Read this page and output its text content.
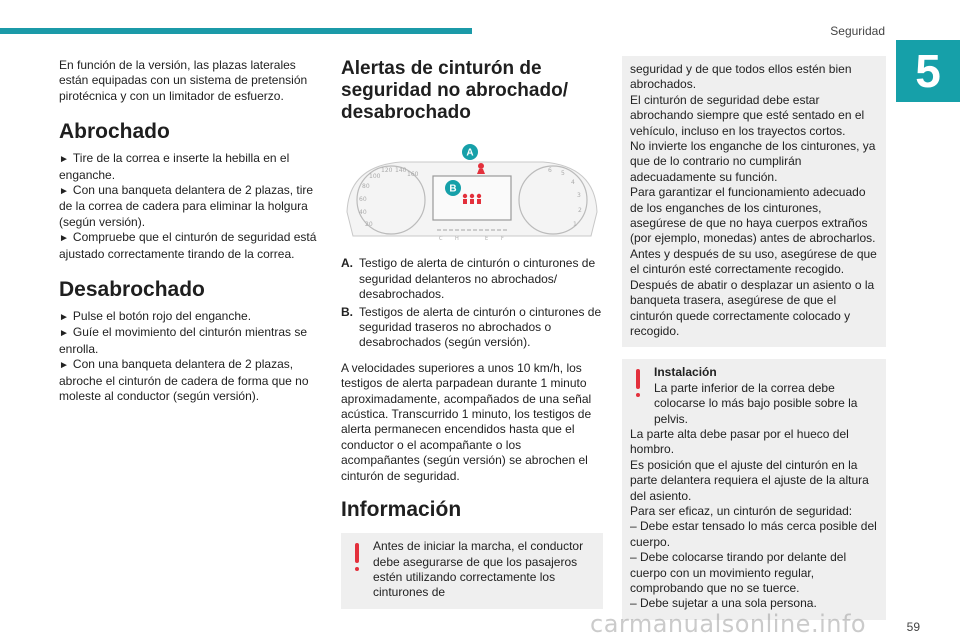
Seguridad
5

En función de la versión, las plazas laterales están equipadas con un sistema de pretensión pirotécnica y con un limitador de esfuerzo.

Abrochado
► Tire de la correa e inserte la hebilla en el enganche.
► Con una banqueta delantera de 2 plazas, tire de la correa de cadera para eliminar la holgura (según versión).
► Compruebe que el cinturón de seguridad está ajustado correctamente tirando de la correa.
Desabrochado
► Pulse el botón rojo del enganche.
► Guíe el movimiento del cinturón mientras se enrolla.
► Con una banqueta delantera de 2 plazas, abroche el cinturón de cadera de forma que no moleste al conductor (según versión).
Alertas de cinturón de seguridad no abrochado/ desabrochado
20
40
60
80
100
120 140
160
1
2
3
4
5
6
C	H	E	F
A
B
A. Testigo de alerta de cinturón o cinturones de seguridad delanteros no abrochados/ desabrochados.
B. Testigos de alerta de cinturón o cinturones de seguridad traseros no abrochados o desabrochados (según versión).

A velocidades superiores a unos 10 km/h, los testigos de alerta parpadean durante 1 minuto aproximadamente, acompañados de una señal acústica. Transcurrido 1 minuto, los testigos de alerta permanecen encendidos hasta que el conductor o el acompañante o los acompañantes (según versión) se abrochen el cinturón de seguridad.

Información
Antes de iniciar la marcha, el conductor debe asegurarse de que los pasajeros estén utilizando correctamente los cinturones de

seguridad y de que todos ellos estén bien abrochados.

El cinturón de seguridad debe estar abrochando siempre que esté sentado en el vehículo, incluso en los trayectos cortos.

No invierte los enganche de los cinturones, ya que de lo contrario no cumplirán adecuadamente su función.

Para garantizar el funcionamiento adecuado de los enganches de los cinturones, asegúrese de que no haya cuerpos extraños (por ejemplo, monedas) antes de abrocharlos.

Antes y después de su uso, asegúrese de que el cinturón esté correctamente recogido.

Después de abatir o desplazar un asiento o la banqueta trasera, asegúrese de que el cinturón quede correctamente colocado y recogido.

Instalación
La parte inferior de la correa debe colocarse lo más bajo posible sobre la pelvis.

La parte alta debe pasar por el hueco del hombro.

Es posición que el ajuste del cinturón en la parte delantera requiera el ajuste de la altura del asiento.

Para ser eficaz, un cinturón de seguridad:

– Debe estar tensado lo más cerca posible del cuerpo.

– Debe colocarse tirando por delante del cuerpo con un movimiento regular, comprobando que no se tuerce.

– Debe sujetar a una sola persona.

carmanualsonline.info	59
